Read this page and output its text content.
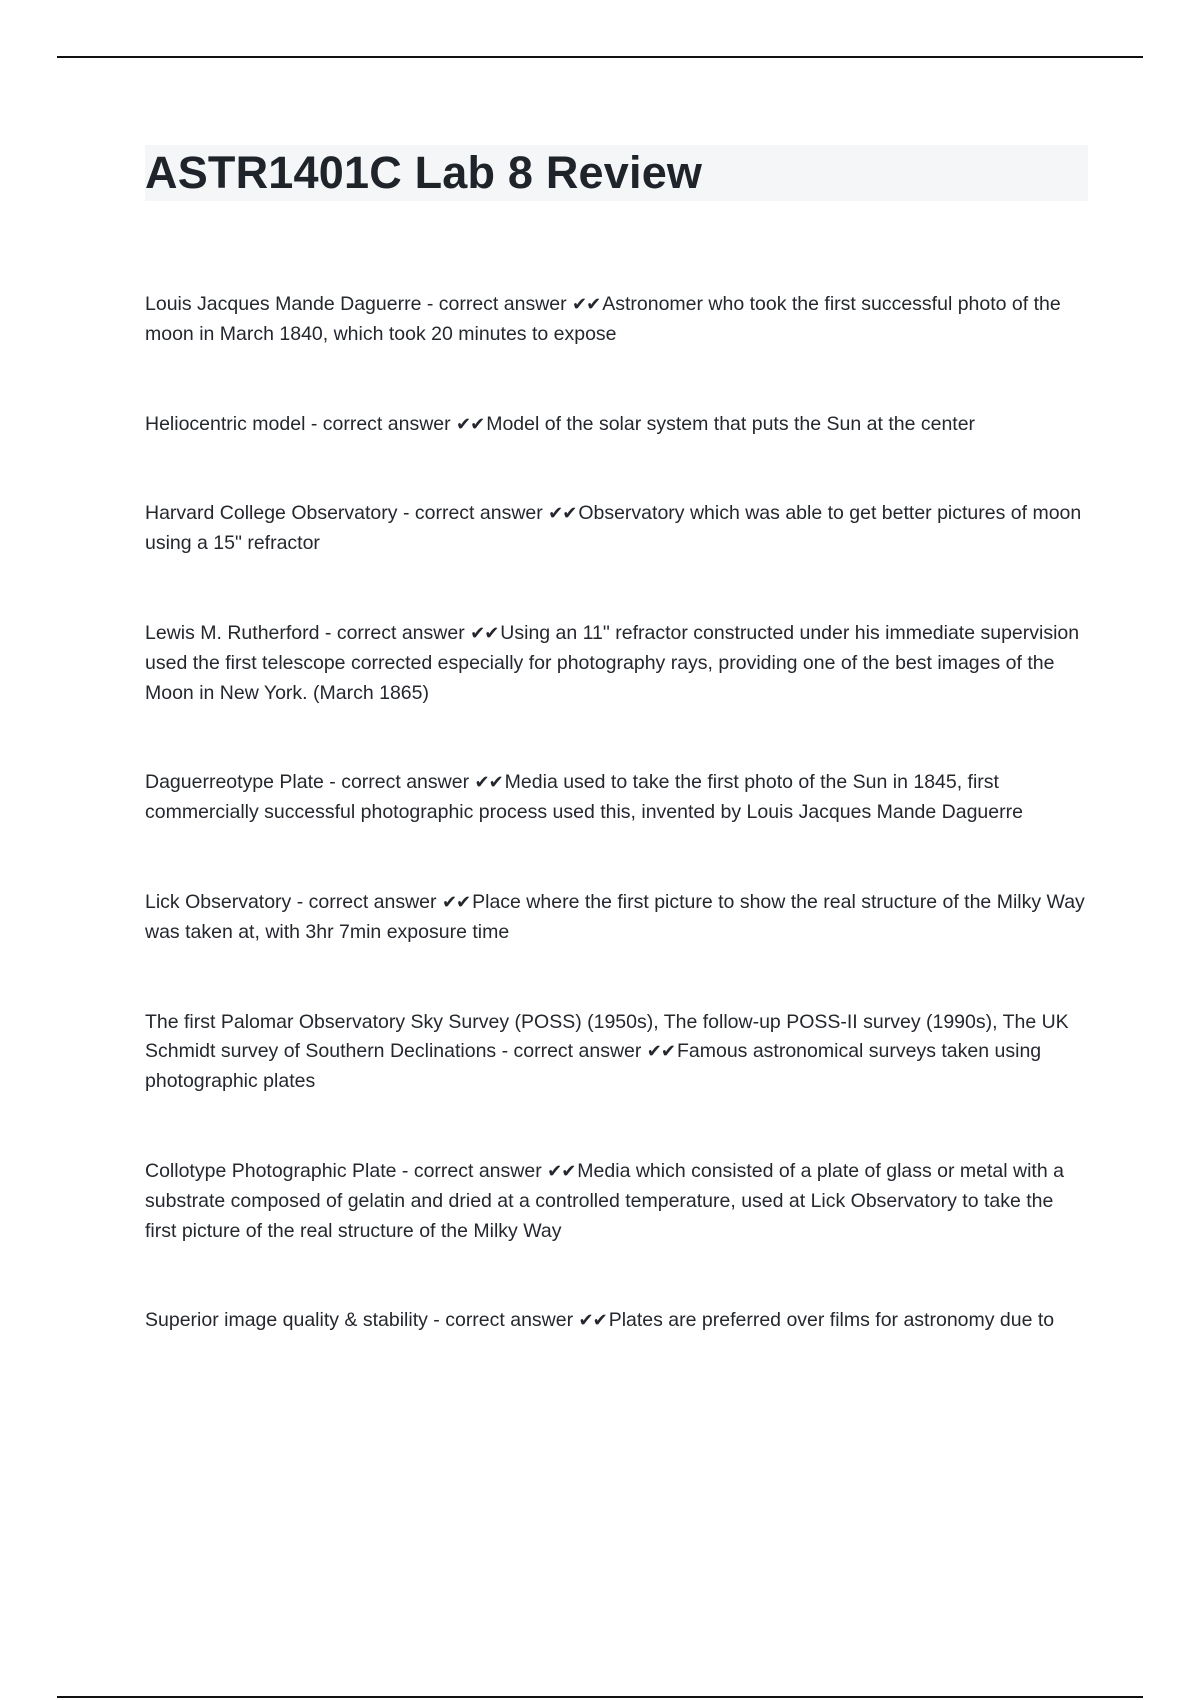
ASTR1401C Lab 8 Review

Louis Jacques Mande Daguerre - correct answer ✔✔ Astronomer who took the first successful photo of the moon in March 1840, which took 20 minutes to expose

Heliocentric model - correct answer ✔✔ Model of the solar system that puts the Sun at the center

Harvard College Observatory - correct answer ✔✔ Observatory which was able to get better pictures of moon using a 15" refractor

Lewis M. Rutherford - correct answer ✔✔ Using an 11" refractor constructed under his immediate supervision used the first telescope corrected especially for photography rays, providing one of the best images of the Moon in New York. (March 1865)

Daguerreotype Plate - correct answer ✔✔ Media used to take the first photo of the Sun in 1845, first commercially successful photographic process used this, invented by Louis Jacques Mande Daguerre

Lick Observatory - correct answer ✔✔ Place where the first picture to show the real structure of the Milky Way was taken at, with 3hr 7min exposure time

The first Palomar Observatory Sky Survey (POSS) (1950s), The follow-up POSS-II survey (1990s), The UK Schmidt survey of Southern Declinations - correct answer ✔✔ Famous astronomical surveys taken using photographic plates

Collotype Photographic Plate - correct answer ✔✔ Media which consisted of a plate of glass or metal with a substrate composed of gelatin and dried at a controlled temperature, used at Lick Observatory to take the first picture of the real structure of the Milky Way

Superior image quality & stability - correct answer ✔✔ Plates are preferred over films for astronomy due to
